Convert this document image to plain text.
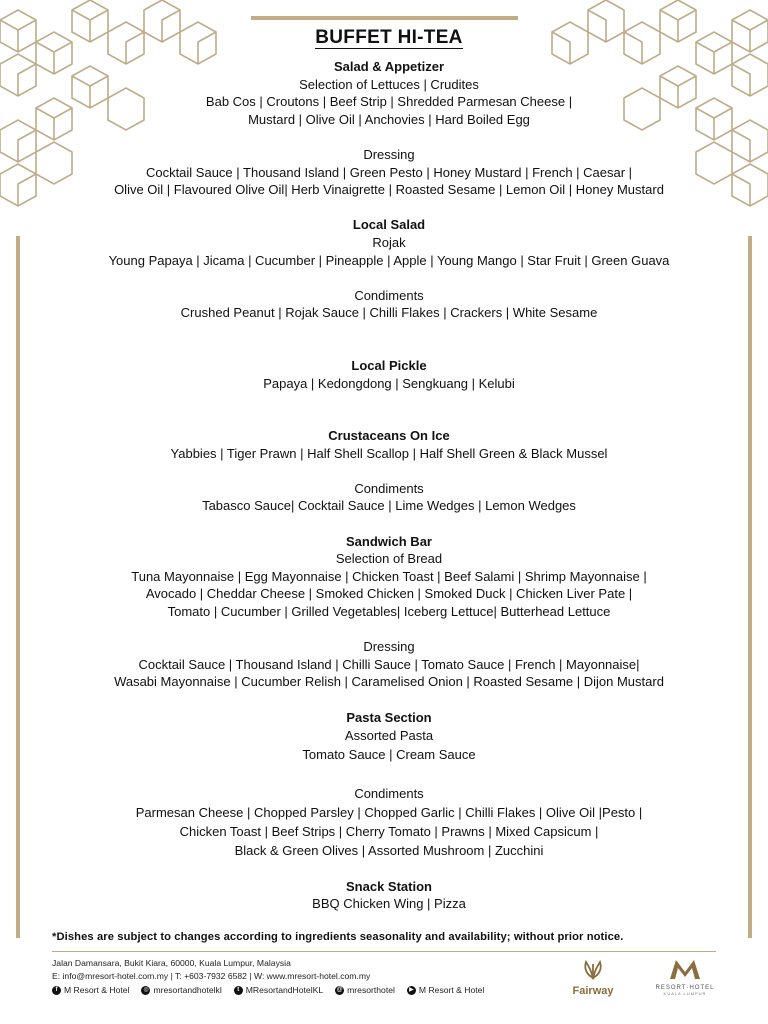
BUFFET HI-TEA
Salad & Appetizer
Selection of Lettuces | Crudites
Bab Cos | Croutons | Beef Strip | Shredded Parmesan Cheese |
Mustard | Olive Oil | Anchovies | Hard Boiled Egg
Dressing
Cocktail Sauce | Thousand Island | Green Pesto | Honey Mustard | French | Caesar |
Olive Oil | Flavoured Olive Oil| Herb Vinaigrette | Roasted Sesame | Lemon Oil | Honey Mustard
Local Salad
Rojak
Young Papaya | Jicama | Cucumber | Pineapple | Apple | Young Mango | Star Fruit | Green Guava
Condiments
Crushed Peanut | Rojak Sauce | Chilli Flakes | Crackers | White Sesame
Local Pickle
Papaya | Kedongdong | Sengkuang | Kelubi
Crustaceans On Ice
Yabbies | Tiger Prawn | Half Shell Scallop | Half Shell Green & Black Mussel
Condiments
Tabasco Sauce| Cocktail Sauce | Lime Wedges | Lemon Wedges
Sandwich Bar
Selection of Bread
Tuna Mayonnaise | Egg Mayonnaise | Chicken Toast | Beef Salami | Shrimp Mayonnaise |
Avocado | Cheddar Cheese | Smoked Chicken | Smoked Duck | Chicken Liver Pate |
Tomato | Cucumber | Grilled Vegetables| Iceberg Lettuce| Butterhead Lettuce
Dressing
Cocktail Sauce | Thousand Island | Chilli Sauce | Tomato Sauce | French | Mayonnaise|
Wasabi Mayonnaise | Cucumber Relish | Caramelised Onion | Roasted Sesame | Dijon Mustard
Pasta Section
Assorted Pasta
Tomato Sauce | Cream Sauce
Condiments
Parmesan Cheese | Chopped Parsley | Chopped Garlic | Chilli Flakes | Olive Oil |Pesto |
Chicken Toast | Beef Strips | Cherry Tomato | Prawns | Mixed Capsicum |
Black & Green Olives | Assorted Mushroom | Zucchini
Snack Station
BBQ Chicken Wing | Pizza
*Dishes are subject to changes according to ingredients seasonality and availability; without prior notice.
Jalan Damansara, Bukit Kiara, 60000, Kuala Lumpur, Malaysia
E: info@mresort-hotel.com.my | T: +603-7932 6582 | W: www.mresort-hotel.com.my
f M Resort & Hotel	◎ mresortandhotelkl	t MResortandHotelKL @ mresorthotel	▶ M Resort & Hotel	Fairway	RESORT·HOTEL
KUALA LUMPUR
